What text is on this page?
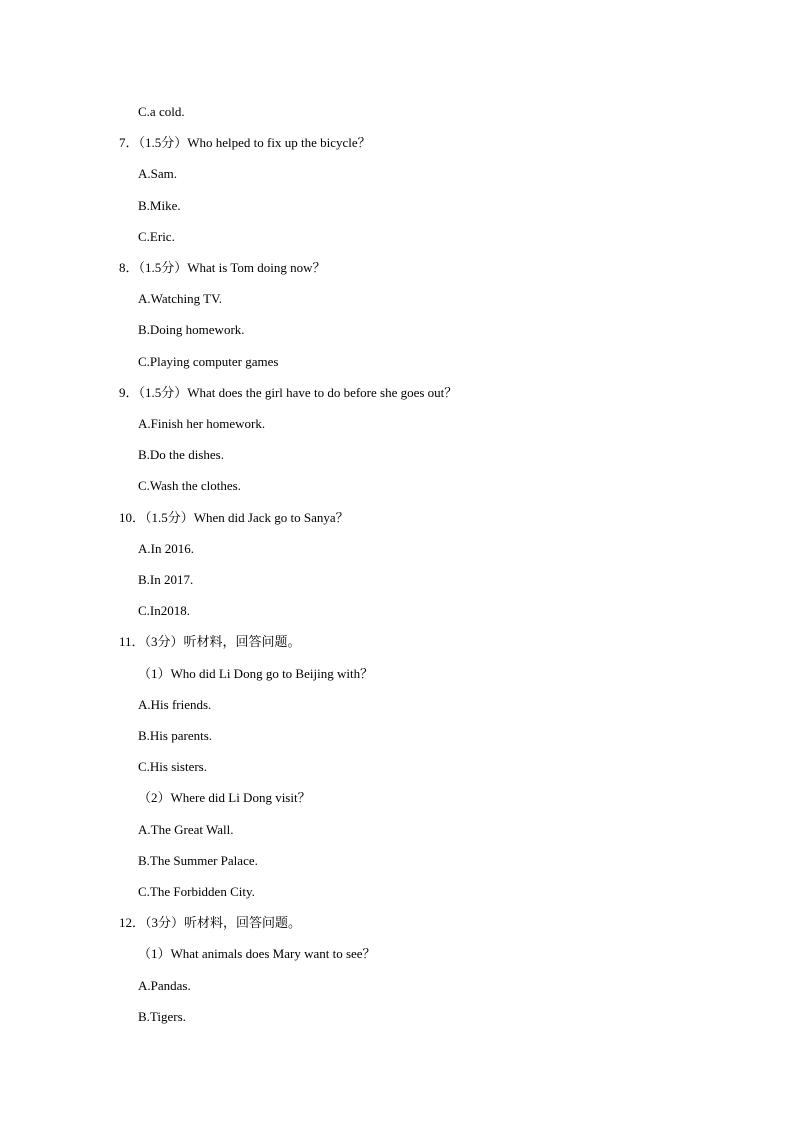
C.a cold.
7．（1.5分）Who helped to fix up the bicycle？
A.Sam.
B.Mike.
C.Eric.
8．（1.5分）What is Tom doing now？
A.Watching TV.
B.Doing homework.
C.Playing computer games
9．（1.5分）What does the girl have to do before she goes out？
A.Finish her homework.
B.Do the dishes.
C.Wash the clothes.
10．（1.5分）When did Jack go to Sanya？
A.In 2016.
B.In 2017.
C.In2018.
11．（3分）听材料，回答问题。
（1）Who did Li Dong go to Beijing with？
A.His friends.
B.His parents.
C.His sisters.
（2）Where did Li Dong visit？
A.The Great Wall.
B.The Summer Palace.
C.The Forbidden City.
12．（3分）听材料，回答问题。
（1）What animals does Mary want to see？
A.Pandas.
B.Tigers.
